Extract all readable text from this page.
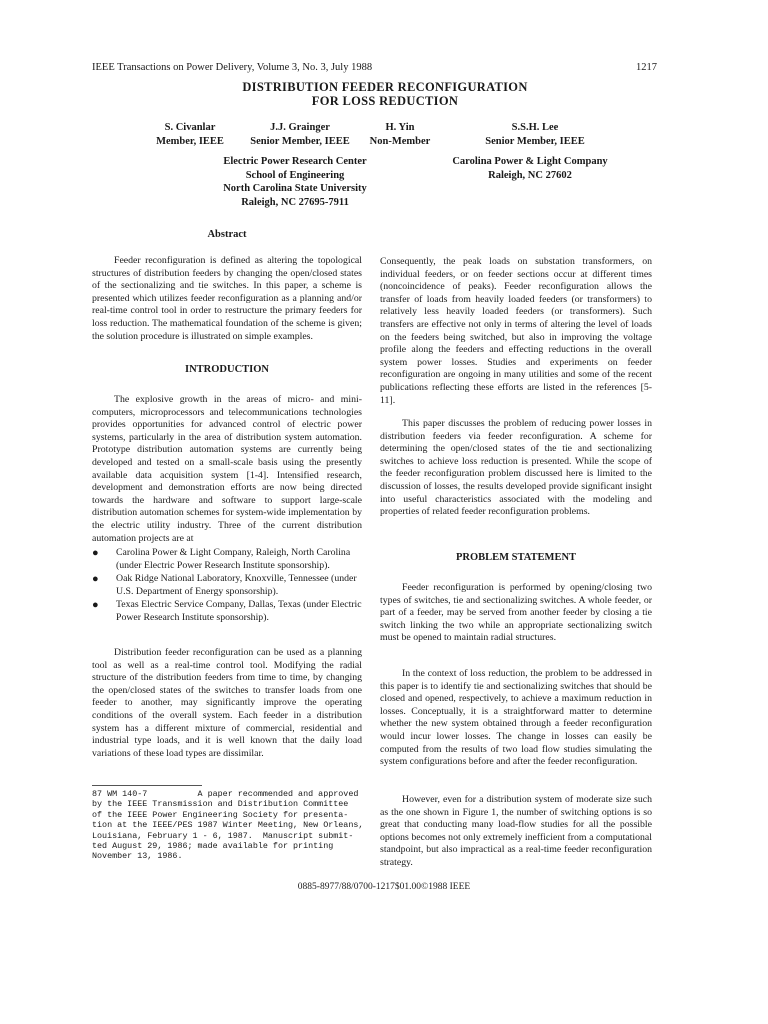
IEEE Transactions on Power Delivery, Volume 3, No. 3, July 1988	1217
DISTRIBUTION FEEDER RECONFIGURATION
FOR LOSS REDUCTION
S. Civanlar
Member, IEEE
J.J. Grainger
Senior Member, IEEE
H. Yin
Non-Member
S.S.H. Lee
Senior Member, IEEE
Electric Power Research Center
School of Engineering
North Carolina State University
Raleigh, NC 27695-7911
Carolina Power & Light Company
Raleigh, NC 27602
Abstract

Feeder reconfiguration is defined as altering the topological structures of distribution feeders by changing the open/closed states of the sectionalizing and tie switches. In this paper, a scheme is presented which utilizes feeder reconfiguration as a planning and/or real-time control tool in order to restructure the primary feeders for loss reduction. The mathematical foundation of the scheme is given; the solution procedure is illustrated on simple examples.

INTRODUCTION

The explosive growth in the areas of micro- and mini-computers, microprocessors and telecommunications technologies provides opportunities for advanced control of electric power systems, particularly in the area of distribution system automation. Prototype distribution automation systems are currently being developed and tested on a small-scale basis using the presently available data acquisition system [1-4]. Intensified research, development and demonstration efforts are now being directed towards the hardware and software to support large-scale distribution automation schemes for system-wide implementation by the electric utility industry. Three of the current distribution automation projects are at

● Carolina Power & Light Company, Raleigh, North Carolina (under Electric Power Research Institute sponsorship).
● Oak Ridge National Laboratory, Knoxville, Tennessee (under U.S. Department of Energy sponsorship).
● Texas Electric Service Company, Dallas, Texas (under Electric Power Research Institute sponsorship).

Distribution feeder reconfiguration can be used as a planning tool as well as a real-time control tool. Modifying the radial structure of the distribution feeders from time to time, by changing the open/closed states of the switches to transfer loads from one feeder to another, may significantly improve the operating conditions of the overall system. Each feeder in a distribution system has a different mixture of commercial, residential and industrial type loads, and it is well known that the daily load variations of these load types are dissimilar.

87 WM 140-7          A paper recommended and approved
by the IEEE Transmission and Distribution Committee
of the IEEE Power Engineering Society for presenta-
tion at the IEEE/PES 1987 Winter Meeting, New Orleans,
Louisiana, February 1 - 6, 1987.  Manuscript submit-
ted August 29, 1986; made available for printing
November 13, 1986.

Consequently, the peak loads on substation transformers, on individual feeders, or on feeder sections occur at different times (noncoincidence of peaks). Feeder reconfiguration allows the transfer of loads from heavily loaded feeders (or transformers) to relatively less heavily loaded feeders (or transformers). Such transfers are effective not only in terms of altering the level of loads on the feeders being switched, but also in improving the voltage profile along the feeders and effecting reductions in the overall system power losses. Studies and experiments on feeder reconfiguration are ongoing in many utilities and some of the recent publications reflecting these efforts are listed in the references [5-11].

This paper discusses the problem of reducing power losses in distribution feeders via feeder reconfiguration. A scheme for determining the open/closed states of the tie and sectionalizing switches to achieve loss reduction is presented. While the scope of the feeder reconfiguration problem discussed here is limited to the discussion of losses, the results developed provide significant insight into useful characteristics associated with the modeling and properties of related feeder reconfiguration problems.

PROBLEM STATEMENT

Feeder reconfiguration is performed by opening/closing two types of switches, tie and sectionalizing switches. A whole feeder, or part of a feeder, may be served from another feeder by closing a tie switch linking the two while an appropriate sectionalizing switch must be opened to maintain radial structures.

In the context of loss reduction, the problem to be addressed in this paper is to identify tie and sectionalizing switches that should be closed and opened, respectively, to achieve a maximum reduction in losses. Conceptually, it is a straightforward matter to determine whether the new system obtained through a feeder reconfiguration would incur lower losses. The change in losses can easily be computed from the results of two load flow studies simulating the system configurations before and after the feeder reconfiguration.

However, even for a distribution system of moderate size such as the one shown in Figure 1, the number of switching options is so great that conducting many load-flow studies for all the possible options becomes not only extremely inefficient from a computational standpoint, but also impractical as a real-time feeder reconfiguration strategy.

0885-8977/88/0700-1217$01.00©1988 IEEE
